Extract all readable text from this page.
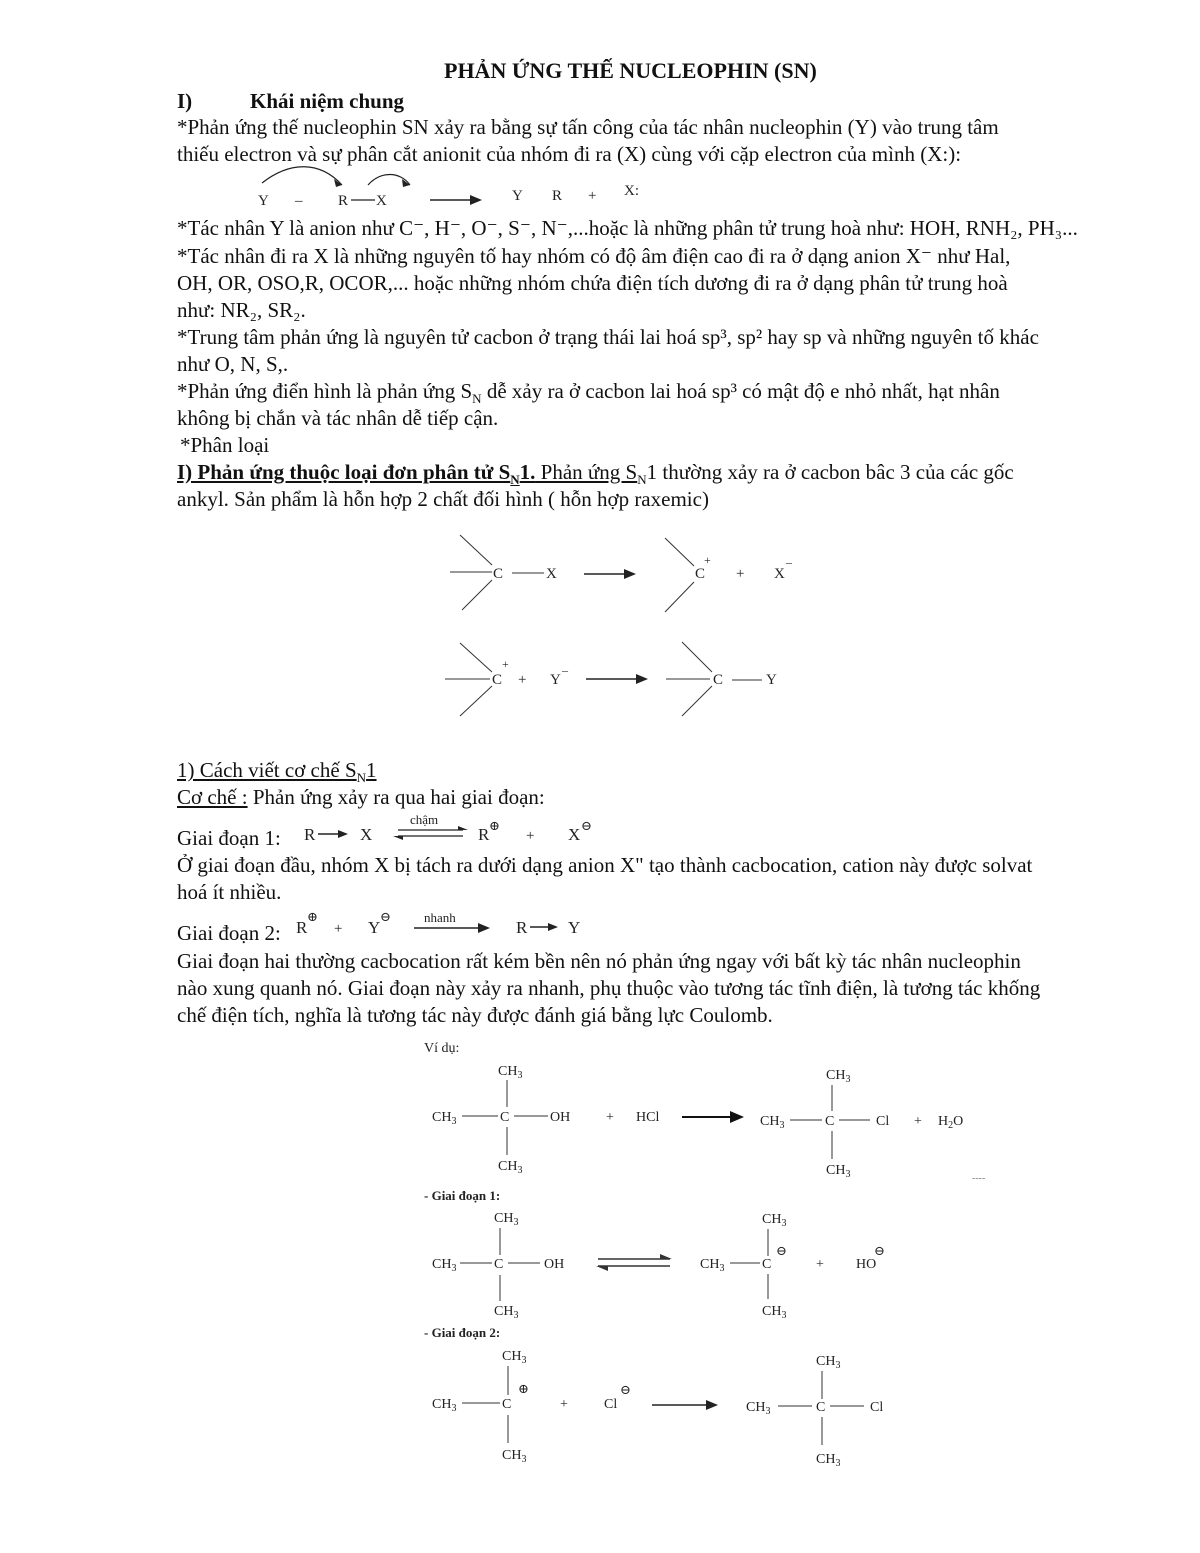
PHẢN ỨNG THẾ NUCLEOPHIN (SN)
I)	Khái niệm chung
*Phản ứng thế nucleophin SN xảy ra bằng sự tấn công của tác nhân nucleophin (Y) vào trung tâm
thiếu electron và sự phân cắt anionit của nhóm đi ra (X) cùng với cặp electron của mình (X:):
Y – R X	Y R + X:
*Tác nhân Y là anion như C⁻, H⁻, O⁻, S⁻, N⁻,...hoặc là những phân tử trung hoà như: HOH, RNH₂, PH₃...
*Tác nhân đi ra X là những nguyên tố hay nhóm có độ âm điện cao đi ra ở dạng anion X⁻ như Hal,
OH, OR, OSO,R, OCOR,... hoặc những nhóm chứa điện tích dương đi ra ở dạng phân tử trung hoà
như: NR₂, SR₂.
*Trung tâm phản ứng là nguyên tử cacbon ở trạng thái lai hoá sp³, sp² hay sp và những nguyên tố khác
như O, N, S,.
*Phản ứng điển hình là phản ứng $S_N$ dễ xảy ra ở cacbon lai hoá sp³ có mật độ e nhỏ nhất, hạt nhân
không bị chắn và tác nhân dễ tiếp cận.
*Phân loại
I) Phản ứng thuộc loại đơn phân tử $S_N1$. Phản ứng $S_N1$ thường xảy ra ở cacbon bâc 3 của các gốc
ankyl. Sản phẩm là hỗn hợp 2 chất đối hình ( hỗn hợp raxemic)
C	X	C
+
+ X
–
C
+
+ Y
–
C	Y
1) Cách viết cơ chế $S_N1$
Cơ chế : Phản ứng xảy ra qua hai giai đoạn:
Giai đoạn 1: R	X
chậm
R ⊕
+ X ⊖
Ở giai đoạn đầu, nhóm X bị tách ra dưới dạng anion X" tạo thành cacbocation, cation này được solvat
hoá ít nhiều.
Giai đoạn 2: R
⊕
+ Y
⊖	nhanh
R Y
Giai đoạn hai thường cacbocation rất kém bền nên nó phản ứng ngay với bất kỳ tác nhân nucleophin
nào xung quanh nó. Giai đoạn này xảy ra nhanh, phụ thuộc vào tương tác tĩnh điện, là tương tác khống
chế điện tích, nghĩa là tương tác này được đánh giá bằng lực Coulomb.
Ví dụ:
$CH_3$
$CH_3$	C	OH
$CH_3$
+ HCl
$CH_3$
$CH_3$	C	$Cl + H_2O$
$CH_3$	----
- Giai đoạn 1:
$CH_3$
$CH_3$	C	OH
$CH_3$
$CH_3$
$CH_3$	C
⊖
$CH_3$
+ HO
⊖
- Giai đoạn 2:
$CH_3$
$CH_3$	C
⊕
$CH_3$
+	Cl
⊖
$CH_3$
$CH_3$	C	Cl
$CH_3$
